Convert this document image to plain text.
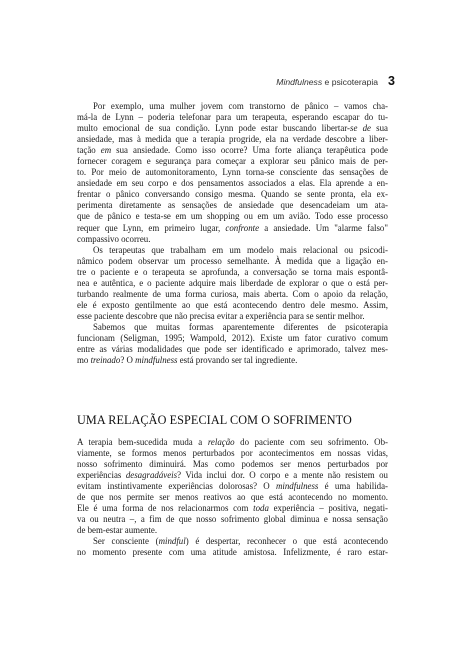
Mindfulness e psicoterapia 3
Por exemplo, uma mulher jovem com transtorno de pânico – vamos cha-
má-la de Lynn – poderia telefonar para um terapeuta, esperando escapar do tu-
multo emocional de sua condição. Lynn pode estar buscando libertar-se de sua
ansiedade, mas à medida que a terapia progride, ela na verdade descobre a liber-
tação em sua ansiedade. Como isso ocorre? Uma forte aliança terapêutica pode
fornecer coragem e segurança para começar a explorar seu pânico mais de per-
to. Por meio de automonitoramento, Lynn torna-se consciente das sensações de
ansiedade em seu corpo e dos pensamentos associados a elas. Ela aprende a en-
frentar o pânico conversando consigo mesma. Quando se sente pronta, ela ex-
perimenta diretamente as sensações de ansiedade que desencadeiam um ata-
que de pânico e testa-se em um shopping ou em um avião. Todo esse processo
requer que Lynn, em primeiro lugar, confronte a ansiedade. Um "alarme falso"
compassivo ocorreu.
Os terapeutas que trabalham em um modelo mais relacional ou psicodi-
nâmico podem observar um processo semelhante. À medida que a ligação en-
tre o paciente e o terapeuta se aprofunda, a conversação se torna mais espontâ-
nea e autêntica, e o paciente adquire mais liberdade de explorar o que o está per-
turbando realmente de uma forma curiosa, mais aberta. Com o apoio da relação,
ele é exposto gentilmente ao que está acontecendo dentro dele mesmo. Assim,
esse paciente descobre que não precisa evitar a experiência para se sentir melhor.
Sabemos que muitas formas aparentemente diferentes de psicoterapia
funcionam (Seligman, 1995; Wampold, 2012). Existe um fator curativo comum
entre as várias modalidades que pode ser identificado e aprimorado, talvez mes-
mo treinado? O mindfulness está provando ser tal ingrediente.
UMA RELAÇÃO ESPECIAL COM O SOFRIMENTO
A terapia bem-sucedida muda a relação do paciente com seu sofrimento. Ob-
viamente, se formos menos perturbados por acontecimentos em nossas vidas,
nosso sofrimento diminuirá. Mas como podemos ser menos perturbados por
experiências desagradáveis? Vida inclui dor. O corpo e a mente não resistem ou
evitam instintivamente experiências dolorosas? O mindfulness é uma habilida-
de que nos permite ser menos reativos ao que está acontecendo no momento.
Ele é uma forma de nos relacionarmos com toda experiência – positiva, negati-
va ou neutra –, a fim de que nosso sofrimento global diminua e nossa sensação
de bem-estar aumente.
Ser consciente (mindful) é despertar, reconhecer o que está acontecendo
no momento presente com uma atitude amistosa. Infelizmente, é raro estar-
